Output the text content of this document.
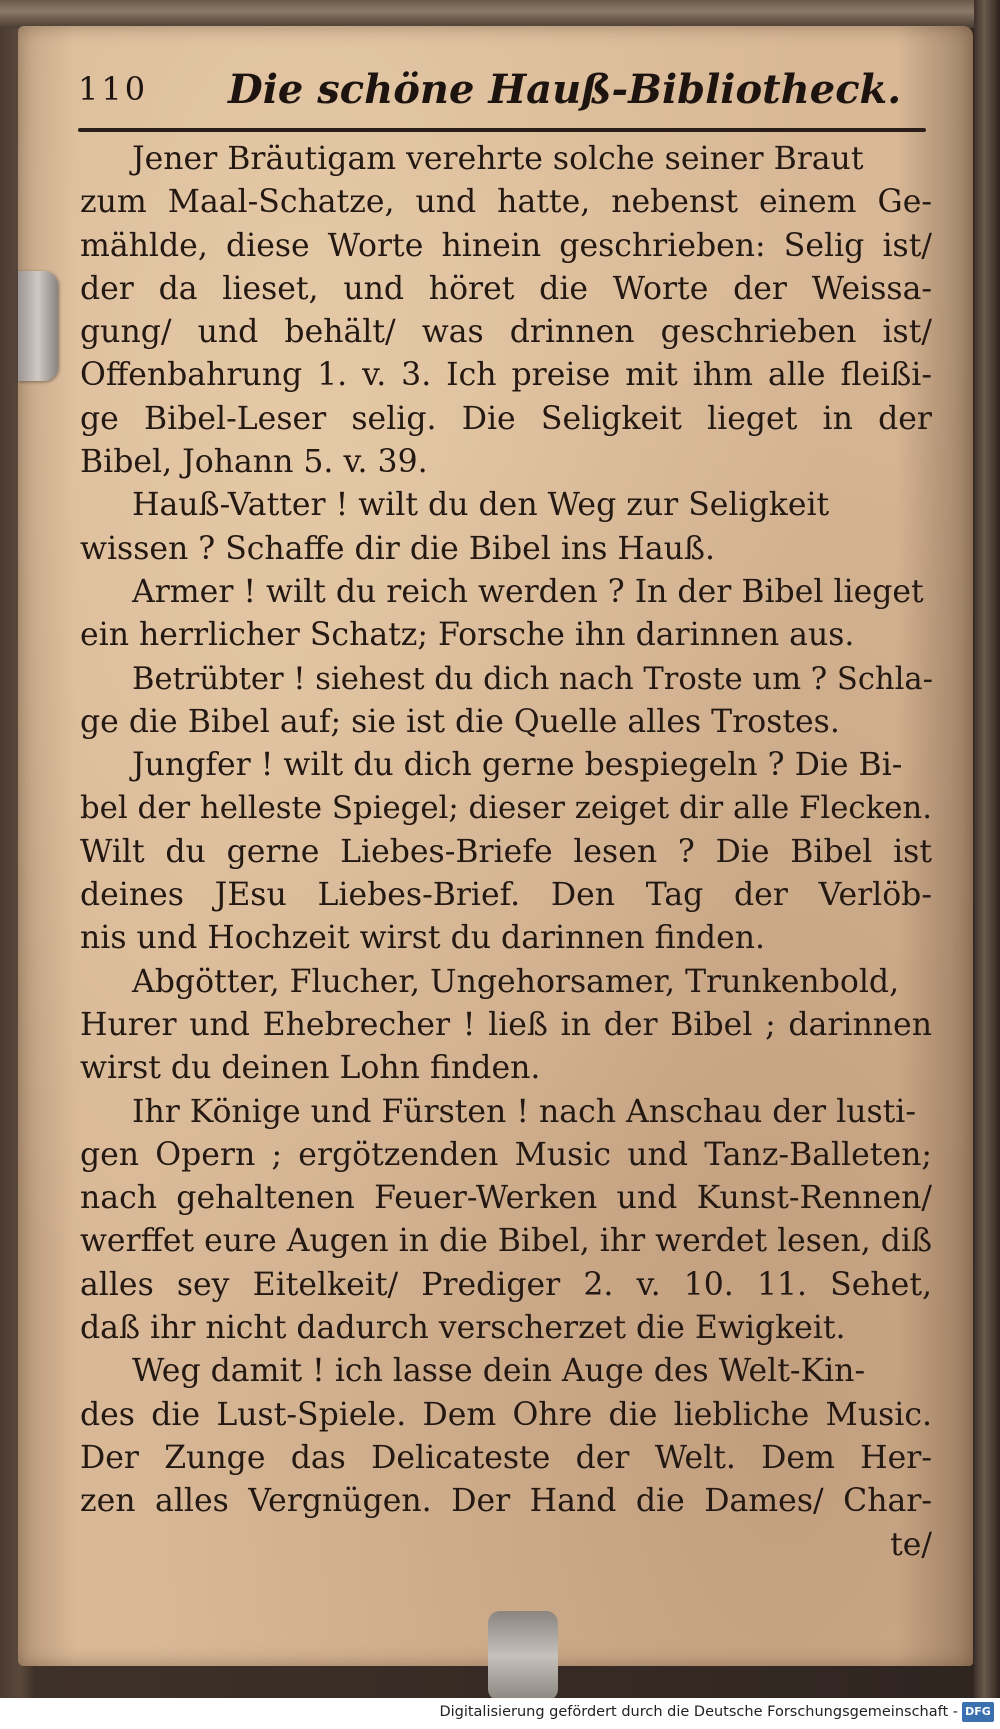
110 Die schöne Hauß-Bibliotheck.
Jener Bräutigam verehrte solche seiner Braut
zum Maal-Schatze, und hatte, nebenst einem Ge-
mählde, diese Worte hinein geschrieben: Selig ist/
der da lieset, und höret die Worte der Weissa-
gung/ und behält/ was drinnen geschrieben ist/
Offenbahrung 1. v. 3. Ich preise mit ihm alle fleißi-
ge Bibel-Leser selig. Die Seligkeit lieget in der
Bibel, Johann 5. v. 39.
Hauß-Vatter ! wilt du den Weg zur Seligkeit
wissen ? Schaffe dir die Bibel ins Hauß.
Armer ! wilt du reich werden ? In der Bibel lieget
ein herrlicher Schatz; Forsche ihn darinnen aus.
Betrübter ! siehest du dich nach Troste um ? Schla-
ge die Bibel auf; sie ist die Quelle alles Trostes.
Jungfer ! wilt du dich gerne bespiegeln ? Die Bi-
bel der helleste Spiegel; dieser zeiget dir alle Flecken.
Wilt du gerne Liebes-Briefe lesen ? Die Bibel ist
deines JEsu Liebes-Brief. Den Tag der Verlöb-
nis und Hochzeit wirst du darinnen finden.
Abgötter, Flucher, Ungehorsamer, Trunkenbold,
Hurer und Ehebrecher ! ließ in der Bibel ; darinnen
wirst du deinen Lohn finden.
Ihr Könige und Fürsten ! nach Anschau der lusti-
gen Opern ; ergötzenden Music und Tanz-Balleten;
nach gehaltenen Feuer-Werken und Kunst-Rennen/
werffet eure Augen in die Bibel, ihr werdet lesen, diß
alles sey Eitelkeit/ Prediger 2. v. 10. 11. Sehet,
daß ihr nicht dadurch verscherzet die Ewigkeit.
Weg damit ! ich lasse dein Auge des Welt-Kin-
des die Lust-Spiele. Dem Ohre die liebliche Music.
Der Zunge das Delicateste der Welt. Dem Her-
zen alles Vergnügen. Der Hand die Dames/ Char-
te/
Digitalisierung gefördert durch die Deutsche Forschungsgemeinschaft - DFG
